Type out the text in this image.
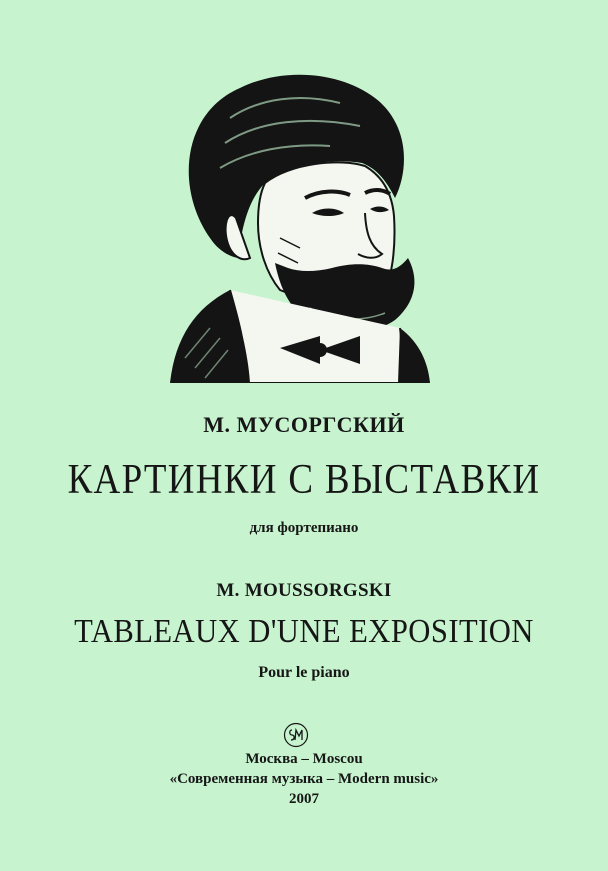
М. МУСОРГСКИЙ
КАРТИНКИ С ВЫСТАВКИ
для фортепиано
M. MOUSSORGSKI
TABLEAUX D'UNE EXPOSITION
Pour le piano
Москва – Moscou
«Современная музыка – Modern music»
2007
